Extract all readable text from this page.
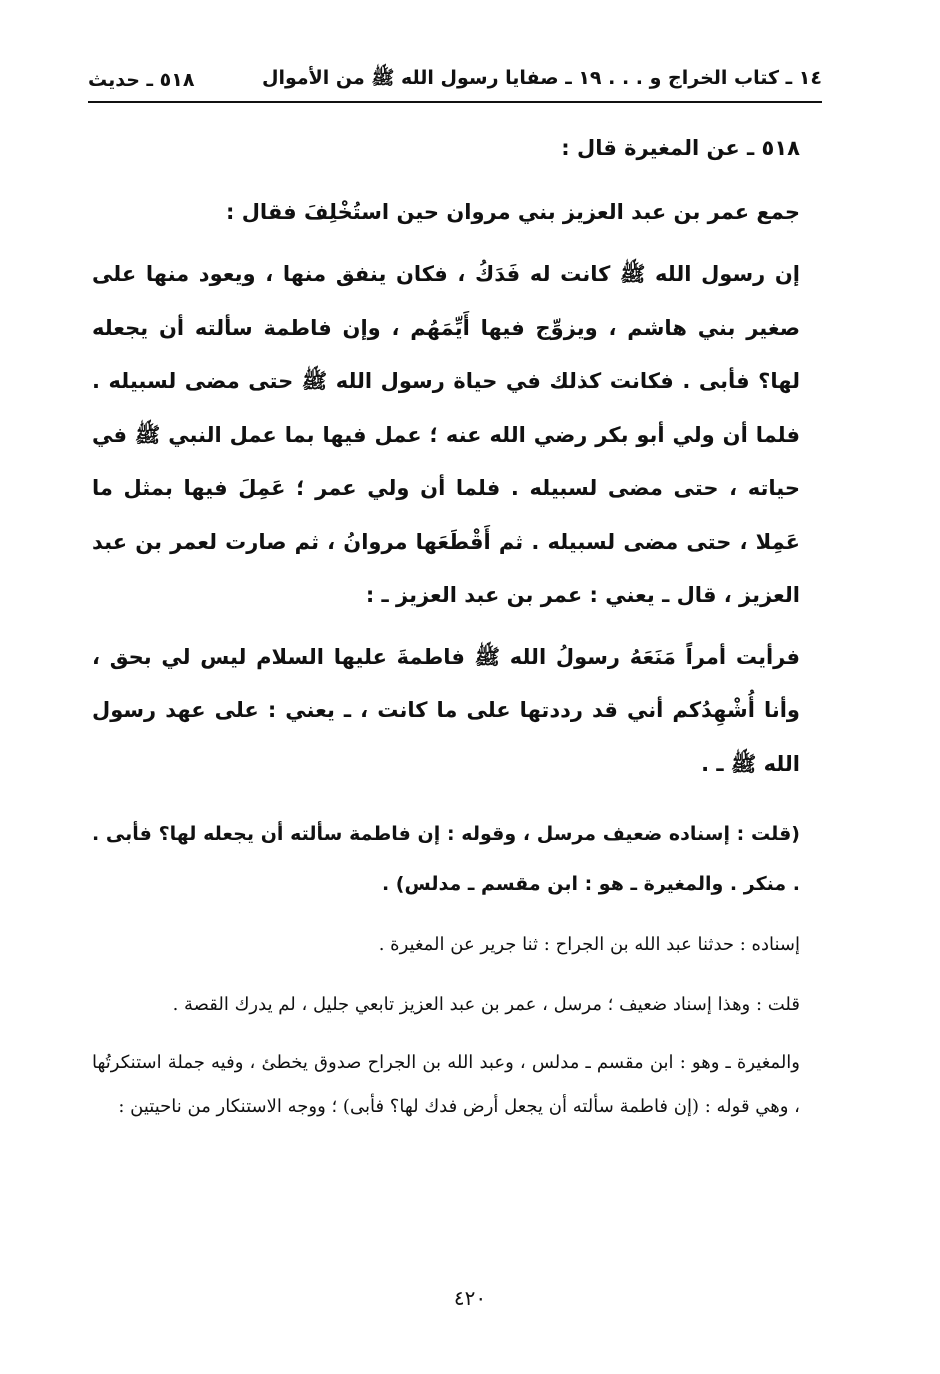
١٤ ـ كتاب الخراج و . . . ١٩ ـ صفايا رسول الله ﷺ من الأموال
٥١٨ ـ حديث

٥١٨ ـ عن المغيرة قال :

جمع عمر بن عبد العزيز بني مروان حين استُخْلِفَ فقال :

إن رسول الله ﷺ كانت له فَدَكُ ، فكان ينفق منها ، ويعود منها على صغير بني هاشم ، ويزوِّج فيها أَيِّمَهُم ، وإن فاطمة سألته أن يجعله لها؟ فأبى . فكانت كذلك في حياة رسول الله ﷺ حتى مضى لسبيله . فلما أن ولي أبو بكر رضي الله عنه ؛ عمل فيها بما عمل النبي ﷺ في حياته ، حتى مضى لسبيله . فلما أن ولي عمر ؛ عَمِلَ فيها بمثل ما عَمِلا ، حتى مضى لسبيله . ثم أَقْطَعَها مروانُ ، ثم صارت لعمر بن عبد العزيز ، قال ـ يعني : عمر بن عبد العزيز ـ :

فرأيت أمراً مَنَعَهُ رسولُ الله ﷺ فاطمةَ عليها السلام ليس لي بحق ، وأنا أُشْهِدُكم أني قد رددتها على ما كانت ، ـ يعني : على عهد رسول الله ﷺ ـ .

(قلت : إسناده ضعيف مرسل ، وقوله : إن فاطمة سألته أن يجعله لها؟ فأبى . . منكر . والمغيرة ـ هو : ابن مقسم ـ مدلس) .

إسناده : حدثنا عبد الله بن الجراح : ثنا جرير عن المغيرة .

قلت : وهذا إسناد ضعيف ؛ مرسل ، عمر بن عبد العزيز تابعي جليل ، لم يدرك القصة .

والمغيرة ـ وهو : ابن مقسم ـ مدلس ، وعبد الله بن الجراح صدوق يخطئ ، وفيه جملة استنكرتُها ، وهي قوله : (إن فاطمة سألته أن يجعل أرض فدك لها؟ فأبى) ؛ ووجه الاستنكار من ناحيتين :

٤٢٠
